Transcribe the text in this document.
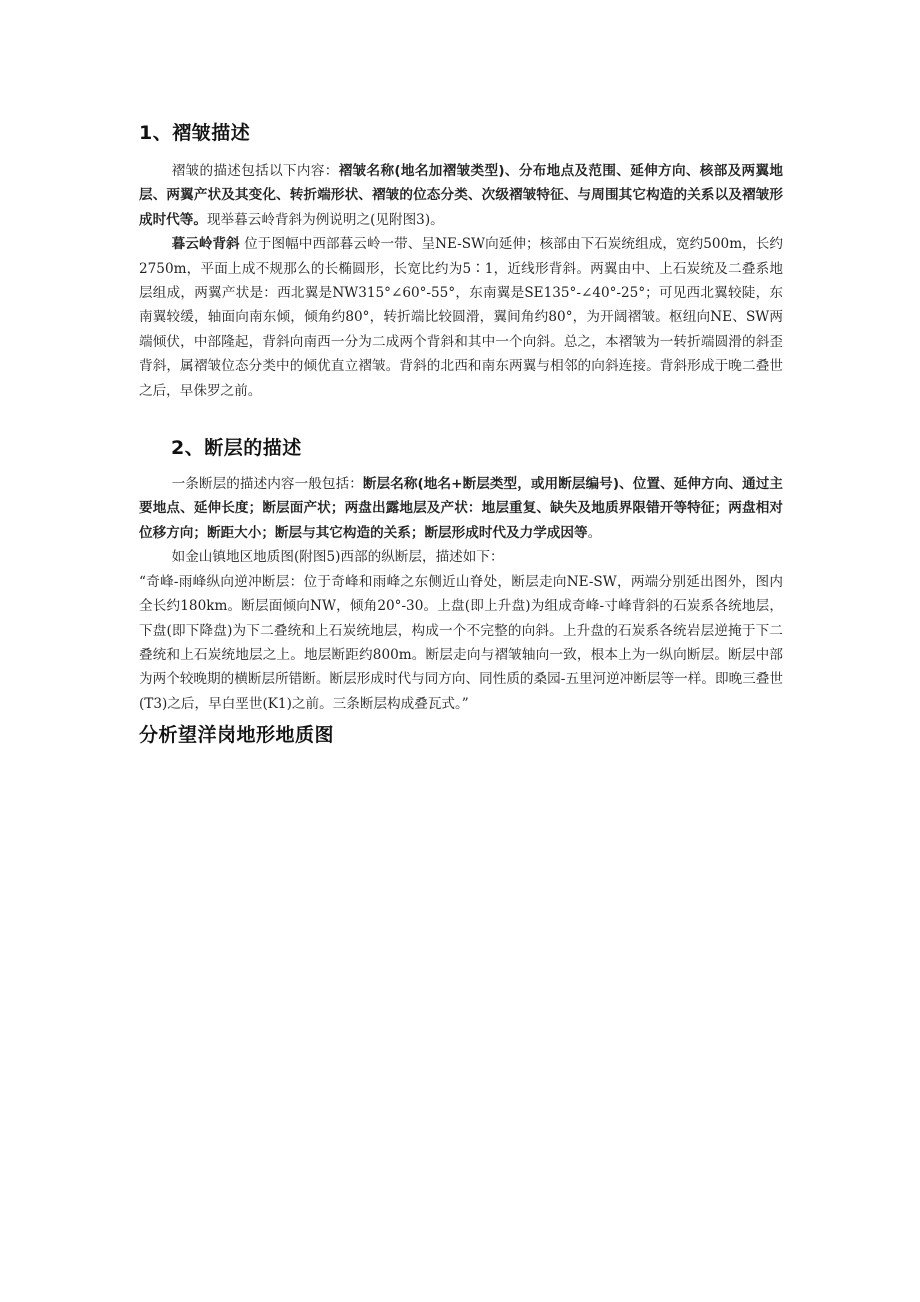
1、褶皱描述

褶皱的描述包括以下内容：褶皱名称(地名加褶皱类型)、分布地点及范围、延伸方向、核部及两翼地层、两翼产状及其变化、转折端形状、褶皱的位态分类、次级褶皱特征、与周围其它构造的关系以及褶皱形成时代等。现举暮云岭背斜为例说明之(见附图3)。

暮云岭背斜 位于图幅中西部暮云岭一带、呈NE-SW向延伸；核部由下石炭统组成，宽约500m，长约2750m，平面上成不规那么的长椭圆形，长宽比约为5∶1，近线形背斜。两翼由中、上石炭统及二叠系地层组成，两翼产状是：西北翼是NW315°∠60°-55°，东南翼是SE135°-∠40°-25°；可见西北翼较陡，东南翼较缓，轴面向南东倾，倾角约80°，转折端比较圆滑，翼间角约80°，为开阔褶皱。枢纽向NE、SW两端倾伏，中部隆起，背斜向南西一分为二成两个背斜和其中一个向斜。总之，本褶皱为一转折端圆滑的斜歪背斜，属褶皱位态分类中的倾优直立褶皱。背斜的北西和南东两翼与相邻的向斜连接。背斜形成于晚二叠世之后，早侏罗之前。

2、断层的描述

一条断层的描述内容一般包括：断层名称(地名+断层类型，或用断层编号)、位置、延伸方向、通过主要地点、延伸长度；断层面产状；两盘出露地层及产状：地层重复、缺失及地质界限错开等特征；两盘相对位移方向；断距大小；断层与其它构造的关系；断层形成时代及力学成因等。

如金山镇地区地质图(附图5)西部的纵断层，描述如下：

“奇峰-雨峰纵向逆冲断层：位于奇峰和雨峰之东侧近山脊处，断层走向NE-SW，两端分别延出图外，图内全长约180km。断层面倾向NW，倾角20°-30。上盘(即上升盘)为组成奇峰-寸峰背斜的石炭系各统地层，下盘(即下降盘)为下二叠统和上石炭统地层，构成一个不完整的向斜。上升盘的石炭系各统岩层逆掩于下二叠统和上石炭统地层之上。地层断距约800m。断层走向与褶皱轴向一致，根本上为一纵向断层。断层中部为两个较晚期的横断层所错断。断层形成时代与同方向、同性质的桑园-五里河逆冲断层等一样。即晚三叠世(T3)之后，早白垩世(K1)之前。三条断层构成叠瓦式。”

分析望洋岗地形地质图
